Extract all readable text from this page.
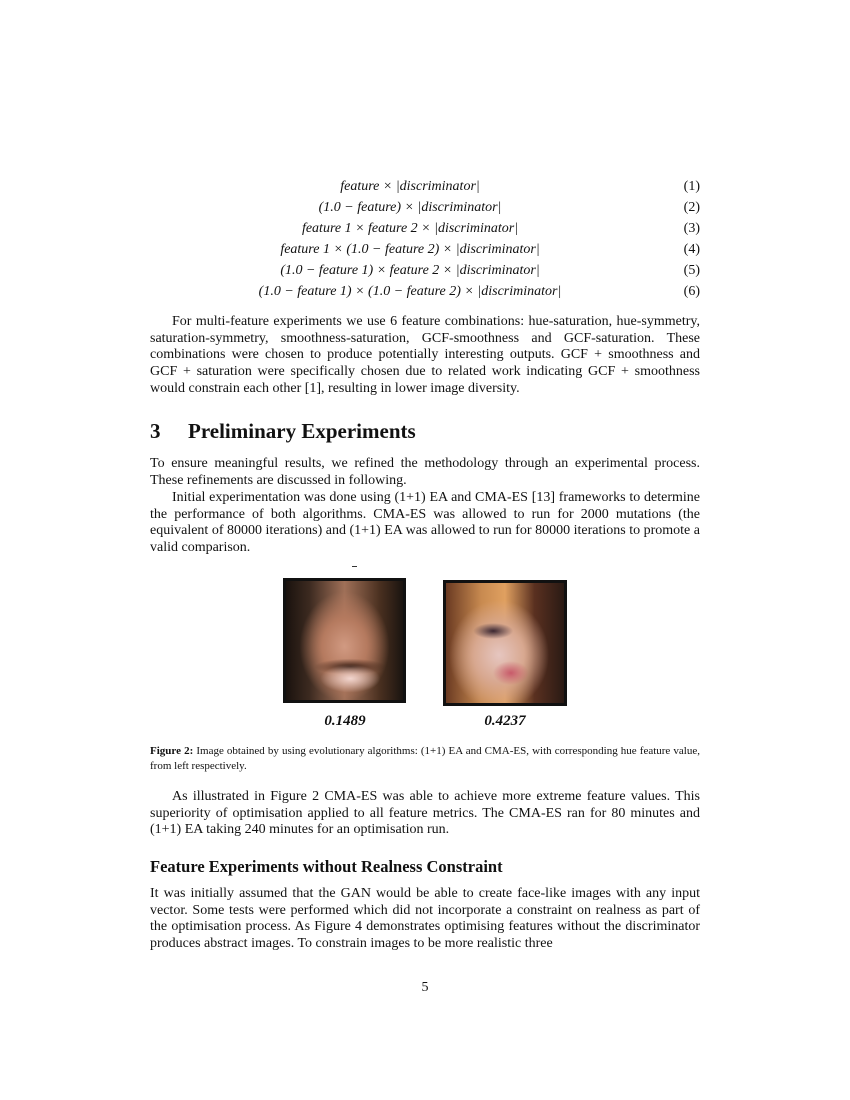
feature × |discriminator|	(1)
(1.0 − feature) × |discriminator|	(2)
feature 1 × feature 2 × |discriminator|	(3)
feature 1 × (1.0 − feature 2) × |discriminator|	(4)
(1.0 − feature 1) × feature 2 × |discriminator|	(5)
(1.0 − feature 1) × (1.0 − feature 2) × |discriminator|	(6)

For multi-feature experiments we use 6 feature combinations: hue-saturation, hue-symmetry, saturation-symmetry, smoothness-saturation, GCF-smoothness and GCF-saturation. These combinations were chosen to produce potentially interesting outputs. GCF + smoothness and GCF + saturation were specifically chosen due to related work indicating GCF + smoothness would constrain each other [1], resulting in lower image diversity.

3 Preliminary Experiments

To ensure meaningful results, we refined the methodology through an experimental process. These refinements are discussed in following.

Initial experimentation was done using (1+1) EA and CMA-ES [13] frameworks to determine the performance of both algorithms. CMA-ES was allowed to run for 2000 mutations (the equivalent of 80000 iterations) and (1+1) EA was allowed to run for 80000 iterations to promote a valid comparison.

0.1489	0.4237
Figure 2: Image obtained by using evolutionary algorithms: (1+1) EA and CMA-ES, with corresponding hue feature value, from left respectively.

As illustrated in Figure 2 CMA-ES was able to achieve more extreme feature values. This superiority of optimisation applied to all feature metrics. The CMA-ES ran for 80 minutes and (1+1) EA taking 240 minutes for an optimisation run.

Feature Experiments without Realness Constraint

It was initially assumed that the GAN would be able to create face-like images with any input vector. Some tests were performed which did not incorporate a constraint on realness as part of the optimisation process. As Figure 4 demonstrates optimising features without the discriminator produces abstract images. To constrain images to be more realistic three

5
